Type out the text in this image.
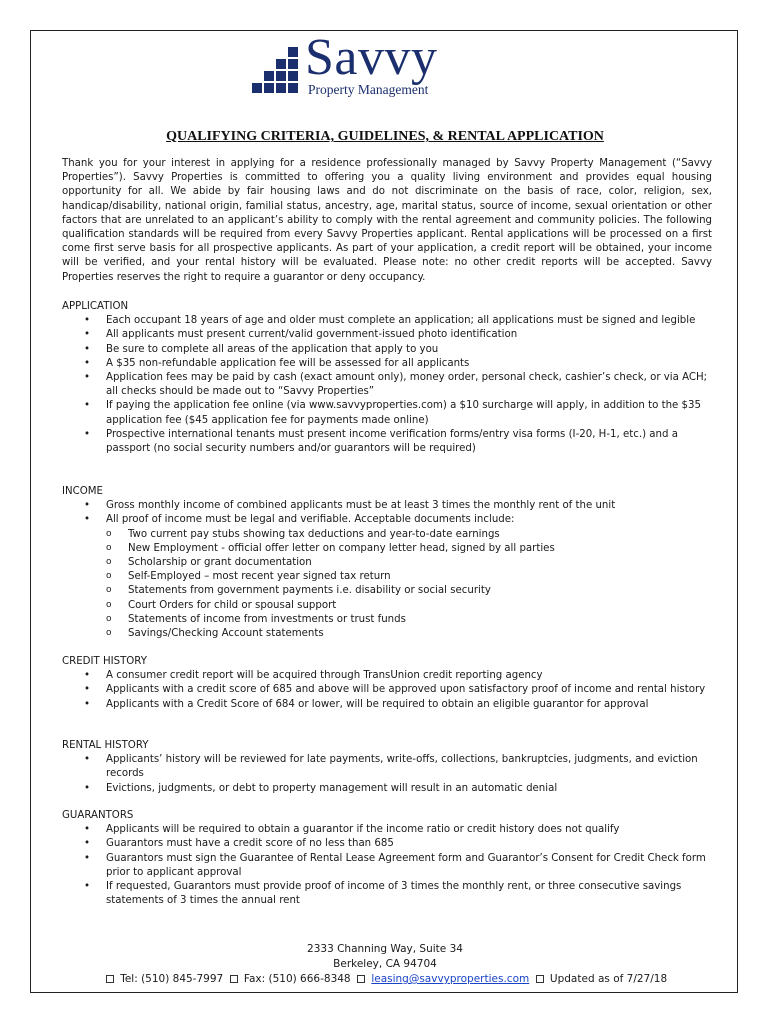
Savvy
Property Management
QUALIFYING CRITERIA, GUIDELINES, & RENTAL APPLICATION

Thank you for your interest in applying for a residence professionally managed by Savvy Property Management (“Savvy Properties”). Savvy Properties is committed to offering you a quality living environment and provides equal housing opportunity for all. We abide by fair housing laws and do not discriminate on the basis of race, color, religion, sex, handicap/disability, national origin, familial status, ancestry, age, marital status, source of income, sexual orientation or other factors that are unrelated to an applicant’s ability to comply with the rental agreement and community policies. The following qualification standards will be required from every Savvy Properties applicant. Rental applications will be processed on a first come first serve basis for all prospective applicants. As part of your application, a credit report will be obtained, your income will be verified, and your rental history will be evaluated. Please note: no other credit reports will be accepted. Savvy Properties reserves the right to require a guarantor or deny occupancy.

APPLICATION

• Each occupant 18 years of age and older must complete an application; all applications must be signed and legible
• All applicants must present current/valid government-issued photo identification
• Be sure to complete all areas of the application that apply to you
• A $35 non-refundable application fee will be assessed for all applicants
• Application fees may be paid by cash (exact amount only), money order, personal check, cashier’s check, or via ACH; all checks should be made out to “Savvy Properties”
• If paying the application fee online (via www.savvyproperties.com) a $10 surcharge will apply, in addition to the $35 application fee ($45 application fee for payments made online)
• Prospective international tenants must present income verification forms/entry visa forms (I-20, H-1, etc.) and a passport (no social security numbers and/or guarantors will be required)

INCOME

• Gross monthly income of combined applicants must be at least 3 times the monthly rent of the unit
• All proof of income must be legal and verifiable. Acceptable documents include:
o Two current pay stubs showing tax deductions and year-to-date earnings
o New Employment - official offer letter on company letter head, signed by all parties
o Scholarship or grant documentation
o Self-Employed – most recent year signed tax return
o Statements from government payments i.e. disability or social security
o Court Orders for child or spousal support
o Statements of income from investments or trust funds
o Savings/Checking Account statements

CREDIT HISTORY

• A consumer credit report will be acquired through TransUnion credit reporting agency
• Applicants with a credit score of 685 and above will be approved upon satisfactory proof of income and rental history
• Applicants with a Credit Score of 684 or lower, will be required to obtain an eligible guarantor for approval

RENTAL HISTORY

• Applicants’ history will be reviewed for late payments, write-offs, collections, bankruptcies, judgments, and eviction records
• Evictions, judgments, or debt to property management will result in an automatic denial

GUARANTORS

• Applicants will be required to obtain a guarantor if the income ratio or credit history does not qualify
• Guarantors must have a credit score of no less than 685
• Guarantors must sign the Guarantee of Rental Lease Agreement form and Guarantor’s Consent for Credit Check form prior to applicant approval
• If requested, Guarantors must provide proof of income of 3 times the monthly rent, or three consecutive savings statements of 3 times the annual rent
2333 Channing Way, Suite 34
Berkeley, CA 94704
Tel: (510) 845-7997 Fax: (510) 666-8348 leasing@savvyproperties.com Updated as of 7/27/18
